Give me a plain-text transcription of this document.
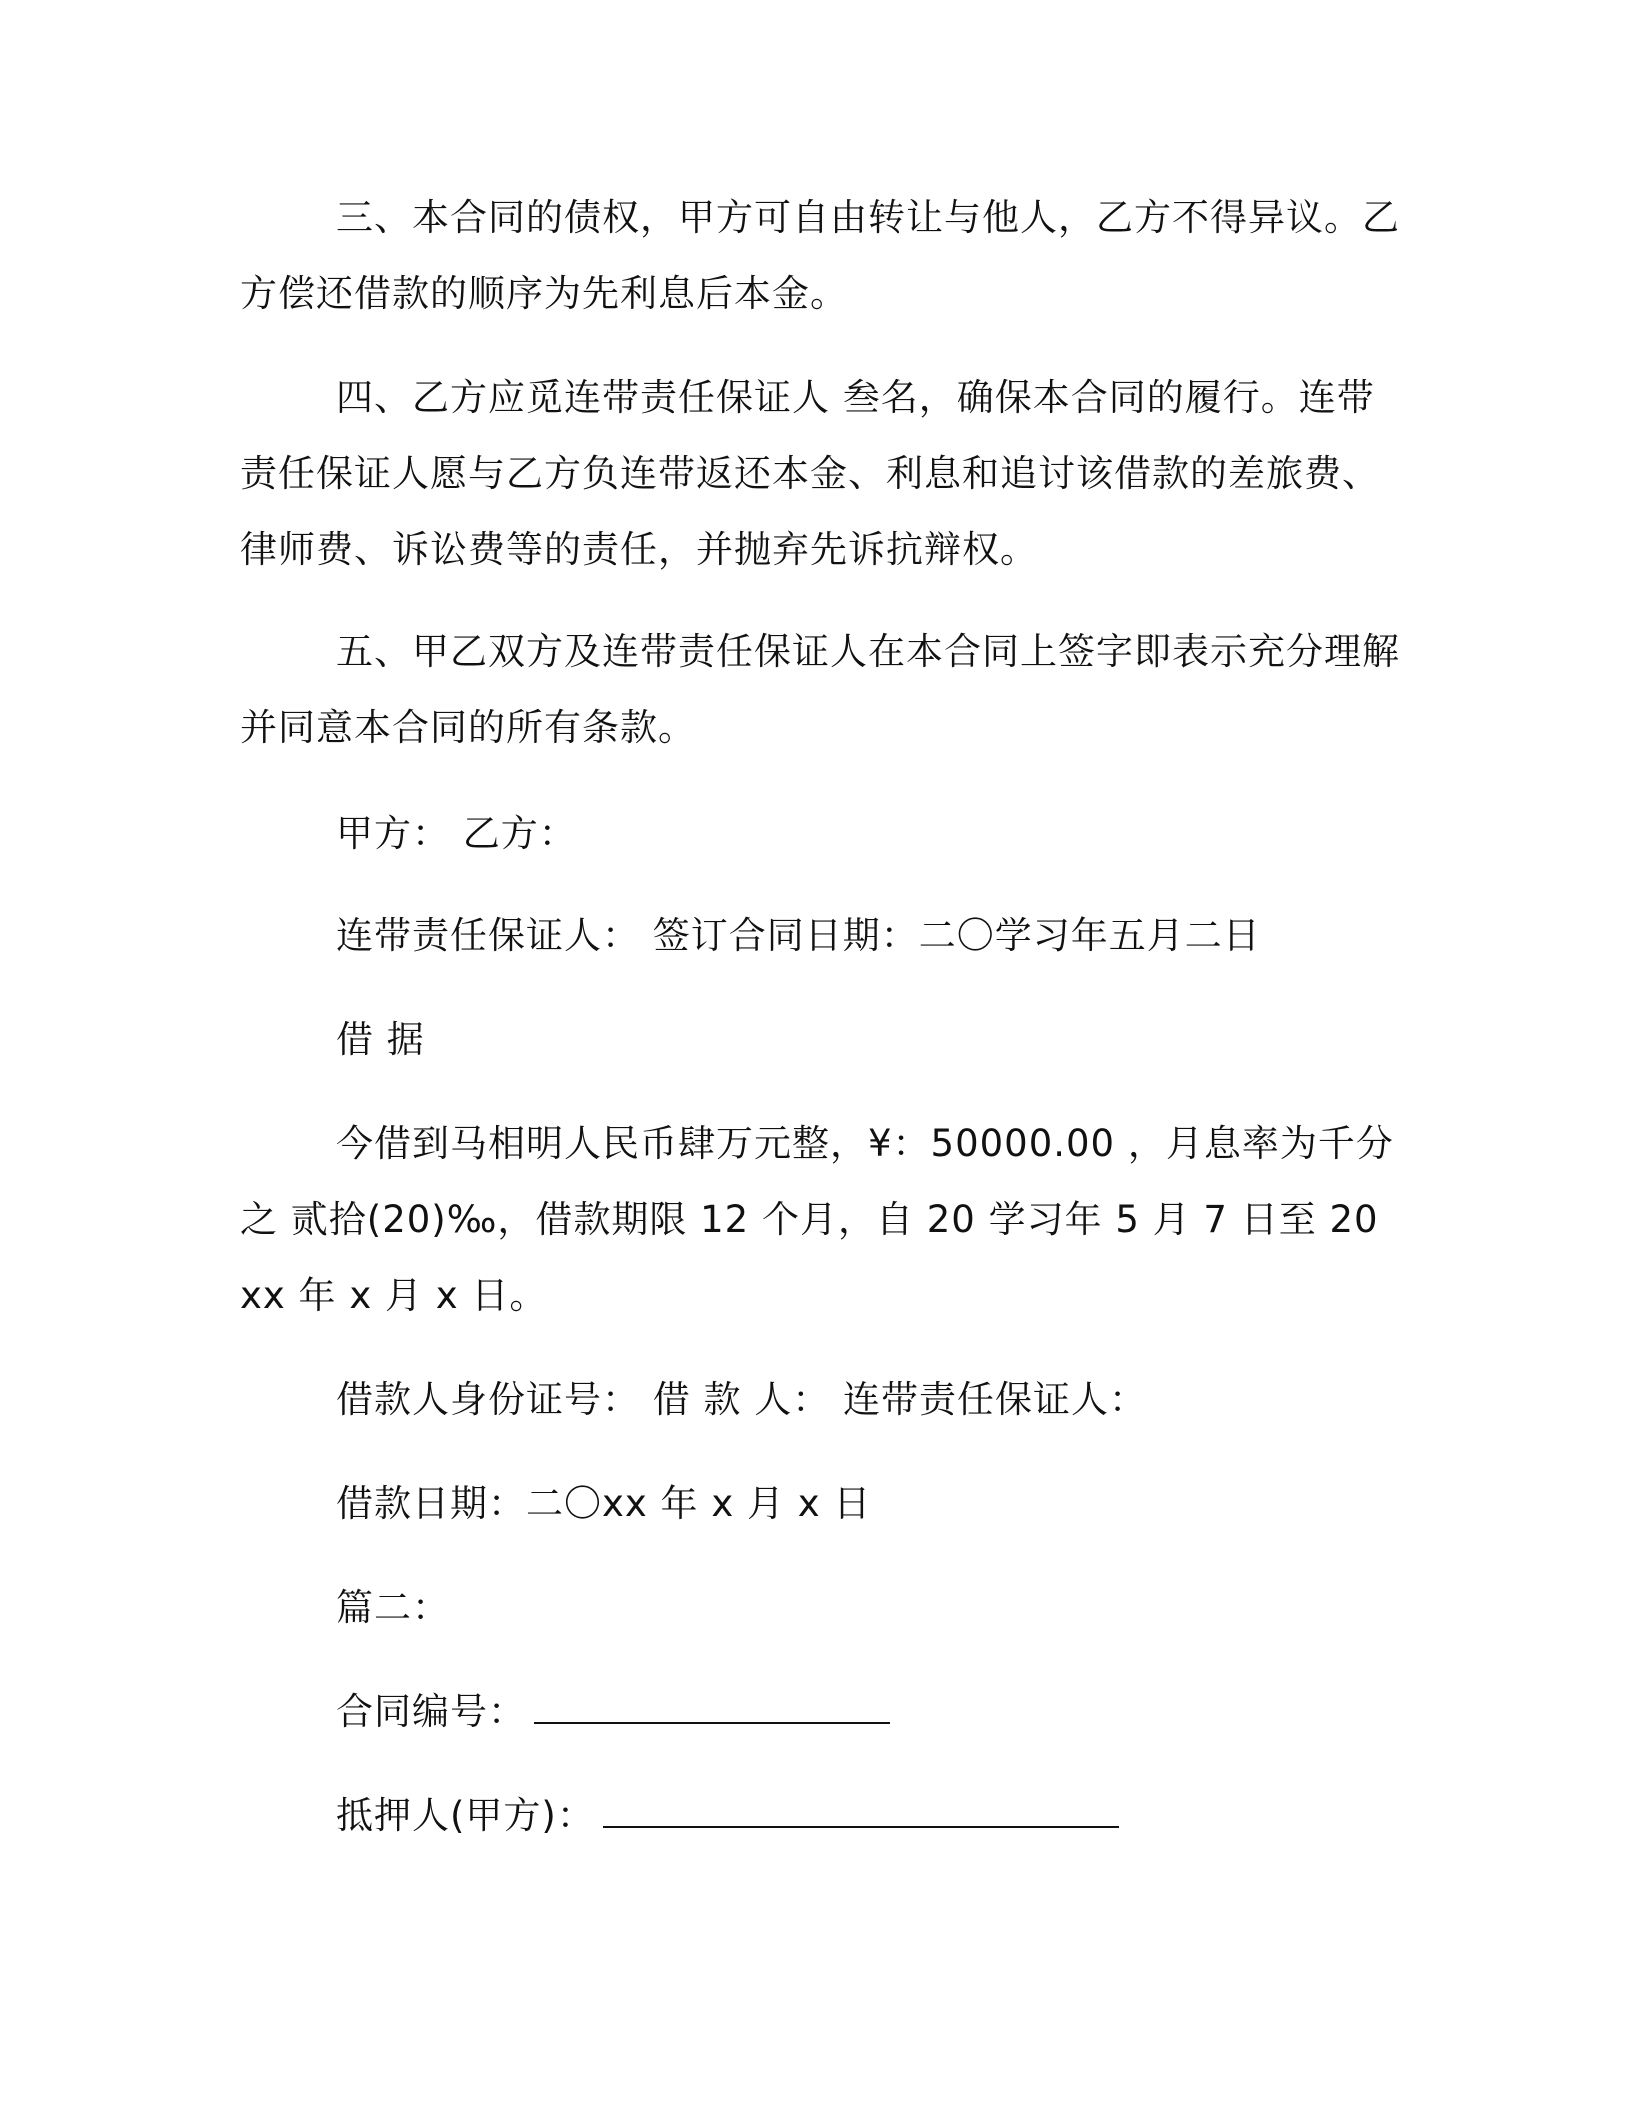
三、本合同的债权，甲方可自由转让与他人，乙方不得异议。乙方偿还借款的顺序为先利息后本金。

四、乙方应觅连带责任保证人 叁名，确保本合同的履行。连带责任保证人愿与乙方负连带返还本金、利息和追讨该借款的差旅费、律师费、诉讼费等的责任，并抛弃先诉抗辩权。

五、甲乙双方及连带责任保证人在本合同上签字即表示充分理解并同意本合同的所有条款。

甲方： 乙方：

连带责任保证人： 签订合同日期：二〇学习年五月二日

借 据

今借到马相明人民币肆万元整，¥：50000.00 ，月息率为千分之 贰拾(20)‰，借款期限 12 个月，自 20 学习年 5 月 7 日至 20xx 年 x 月 x 日。

借款人身份证号： 借 款 人： 连带责任保证人：

借款日期：二〇xx 年 x 月 x 日

篇二：

合同编号：

抵押人(甲方)：
